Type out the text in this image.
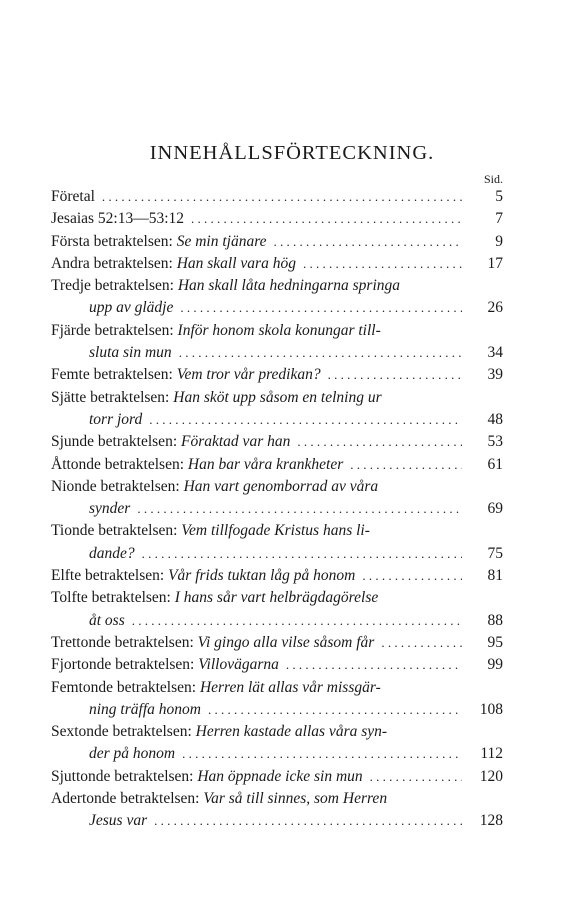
INNEHÅLLSFÖRTECKNING.
Sid.
Företal . . .	5
Jesaias 52:13—53:12 . . .	7
Första betraktelsen: Se min tjänare . . .	9
Andra betraktelsen: Han skall vara hög . . .	17
Tredje betraktelsen: Han skall låta hedningarna springa
upp av glädje . . .	26
Fjärde betraktelsen: Inför honom skola konungar till-
sluta sin mun . . .	34
Femte betraktelsen: Vem tror vår predikan? . . .	39
Sjätte betraktelsen: Han sköt upp såsom en telning ur
torr jord . . .	48
Sjunde betraktelsen: Föraktad var han . . .	53
Åttonde betraktelsen: Han bar våra krankheter . . .	61
Nionde betraktelsen: Han vart genomborrad av våra
synder . . .	69
Tionde betraktelsen: Vem tillfogade Kristus hans li-
dande? . . .	75
Elfte betraktelsen: Vår frids tuktan låg på honom . . .	81
Tolfte betraktelsen: I hans sår vart helbrägdagörelse
åt oss . . .	88
Trettonde betraktelsen: Vi gingo alla vilse såsom får . . .	95
Fjortonde betraktelsen: Villovägarna . . .	99
Femtonde betraktelsen: Herren lät allas vår missgär-
ning träffa honom . . .	108
Sextonde betraktelsen: Herren kastade allas våra syn-
der på honom . . .	112
Sjuttonde betraktelsen: Han öppnade icke sin mun . . .	120
Adertonde betraktelsen: Var så till sinnes, som Herren
Jesus var . . .	128
